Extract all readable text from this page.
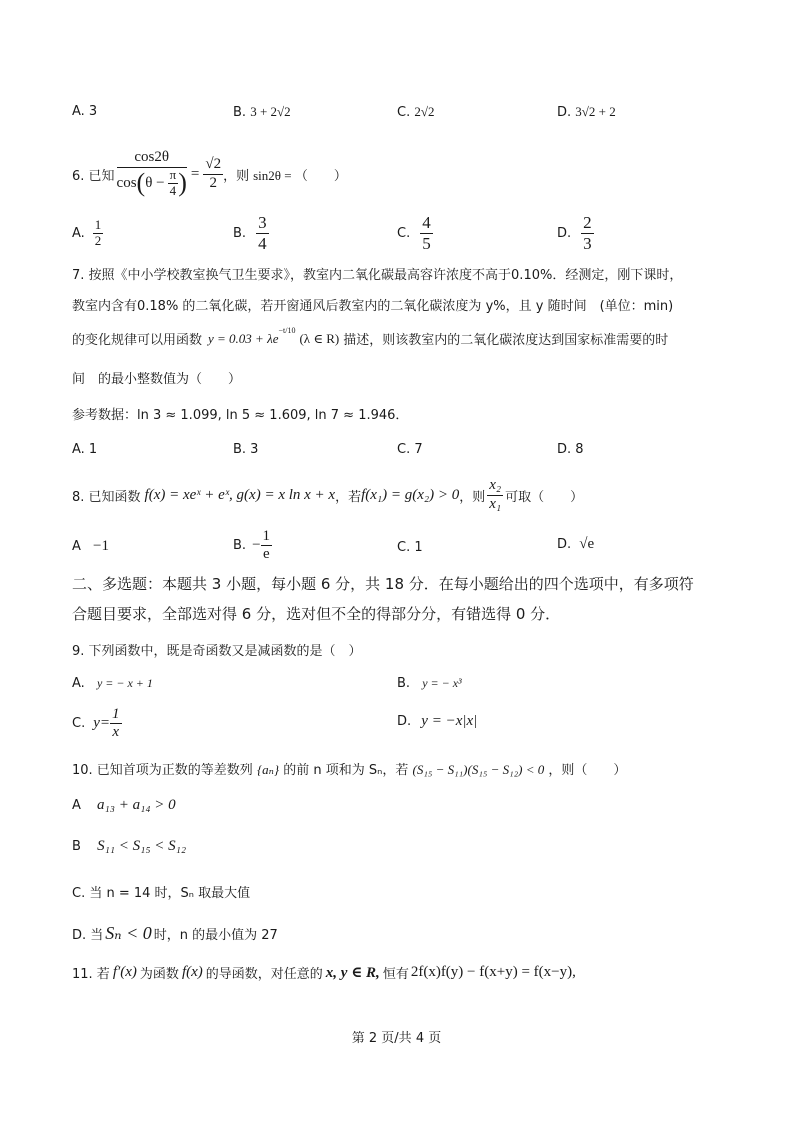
A. 3	B. 3 + 2√2	C. 2√2	D. 3√2 + 2
6. 已知
cos2θ
cos ( $\theta - \frac{\pi}{4}$ ) = $\frac{√2}{2}$ ，则 sin2θ = （　　）
A. $\frac{1}{2}$	B. $\frac{3}{4}$	C. $\frac{4}{5}$	D. $\frac{2}{3}$
7. 按照《中小学校教室换气卫生要求》，教室内二氧化碳最高容许浓度不高于0.10%．经测定，刚下课时，
教室内含有0.18% 的二氧化碳，若开窗通风后教室内的二氧化碳浓度为 y%，且 y 随时间　(单位：min)
的变化规律可以用函数 $y = 0.03 + \lambda e^{-t/10}$ (λ ∈ R) 描述，则该教室内的二氧化碳浓度达到国家标准需要的时
间　的最小整数值为（　　）
参考数据：ln 3 ≈ 1.099, ln 5 ≈ 1.609, ln 7 ≈ 1.946．
A. 1	B. 3	C. 7	D. 8
8. 已知函数 f(x) = xeˣ + eˣ, g(x) = x ln x + x ，若 f(x₁) = g(x₂) > 0 ，则 $\frac{\text{x₂}}{\text{x₁}}$ 可取（　　）
A −1	B. − $\frac{1}{e}$	C. 1	D. √e
二、多选题：本题共 3 小题，每小题 6 分，共 18 分．在每小题给出的四个选项中，有多项符
合题目要求，全部选对得 6 分，选对但不全的得部分分，有错选得 0 分．
9. 下列函数中，既是奇函数又是减函数的是（　）
A. y = − x + 1	B. y = − x³
C. $y= \frac{1}{x}$	D. y = −x|x|
10. 已知首项为正数的等差数列 {aₙ} 的前 n 项和为 Sₙ，若 (S₁₅ − S₁₁)(S₁₅ − S₁₂) < 0 ，则（　　）
A a₁₃ + a₁₄ > 0
B S₁₁ < S₁₅ < S₁₂
C. 当 n = 14 时，Sₙ 取最大值
D. 当 Sₙ < 0 时，n 的最小值为 27
11. 若 f′(x) 为函数 f(x) 的导函数，对任意的 x, y ∈ R, 恒有 2f(x)f(y) − f(x+y) = f(x−y),
第 2 页/共 4 页
